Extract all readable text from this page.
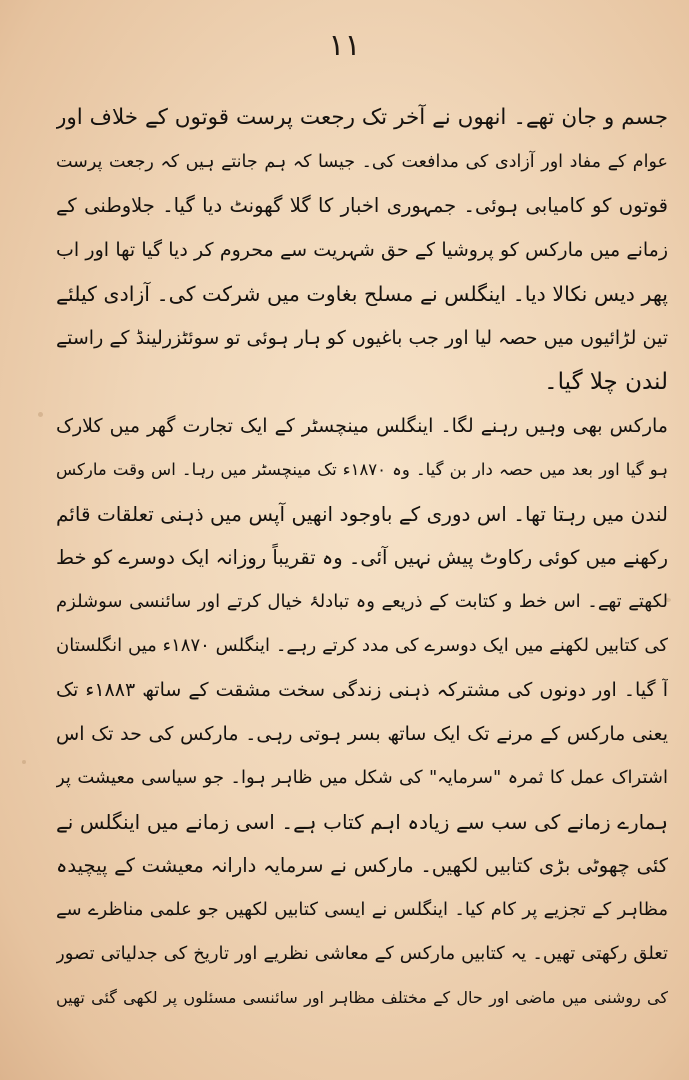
۱۱
جسم و جان تھے۔ انھوں نے آخر تک رجعت پرست قوتوں کے خلاف اور
عوام کے مفاد اور آزادی کی مدافعت کی۔ جیسا کہ ہم جانتے ہیں کہ رجعت پرست
قوتوں کو کامیابی ہوئی۔ جمہوری اخبار کا گلا گھونٹ دیا گیا۔ جلاوطنی کے
زمانے میں مارکس کو پروشیا کے حق شہریت سے محروم کر دیا گیا تھا اور اب
پھر دیس نکالا دیا۔ اینگلس نے مسلح بغاوت میں شرکت کی۔ آزادی کیلئے
تین لڑائیوں میں حصہ لیا اور جب باغیوں کو ہار ہوئی تو سوئٹزرلینڈ کے راستے
لندن چلا گیا۔
مارکس بھی وہیں رہنے لگا۔ اینگلس مینچسٹر کے ایک تجارت گھر میں کلارک
ہو گیا اور بعد میں حصہ دار بن گیا۔ وہ ۱۸۷۰ء تک مینچسٹر میں رہا۔ اس وقت مارکس
لندن میں رہتا تھا۔ اس دوری کے باوجود انھیں آپس میں ذہنی تعلقات قائم
رکھنے میں کوئی رکاوٹ پیش نہیں آئی۔ وہ تقریباً روزانہ ایک دوسرے کو خط
لکھتے تھے۔ اس خط و کتابت کے ذریعے وہ تبادلۂ خیال کرتے اور سائنسی سوشلزم
کی کتابیں لکھنے میں ایک دوسرے کی مدد کرتے رہے۔ اینگلس ۱۸۷۰ء میں انگلستان
آ گیا۔ اور دونوں کی مشترکہ ذہنی زندگی سخت مشقت کے ساتھ ۱۸۸۳ء تک
یعنی مارکس کے مرنے تک ایک ساتھ بسر ہوتی رہی۔ مارکس کی حد تک اس
اشتراک عمل کا ثمرہ "سرمایہ" کی شکل میں ظاہر ہوا۔ جو سیاسی معیشت پر
ہمارے زمانے کی سب سے زیادہ اہم کتاب ہے۔ اسی زمانے میں اینگلس نے
کئی چھوٹی بڑی کتابیں لکھیں۔ مارکس نے سرمایہ دارانہ معیشت کے پیچیدہ
مظاہر کے تجزیے پر کام کیا۔ اینگلس نے ایسی کتابیں لکھیں جو علمی مناظرے سے
تعلق رکھتی تھیں۔ یہ کتابیں مارکس کے معاشی نظریے اور تاریخ کی جدلیاتی تصور
کی روشنی میں ماضی اور حال کے مختلف مظاہر اور سائنسی مسئلوں پر لکھی گئی تھیں
